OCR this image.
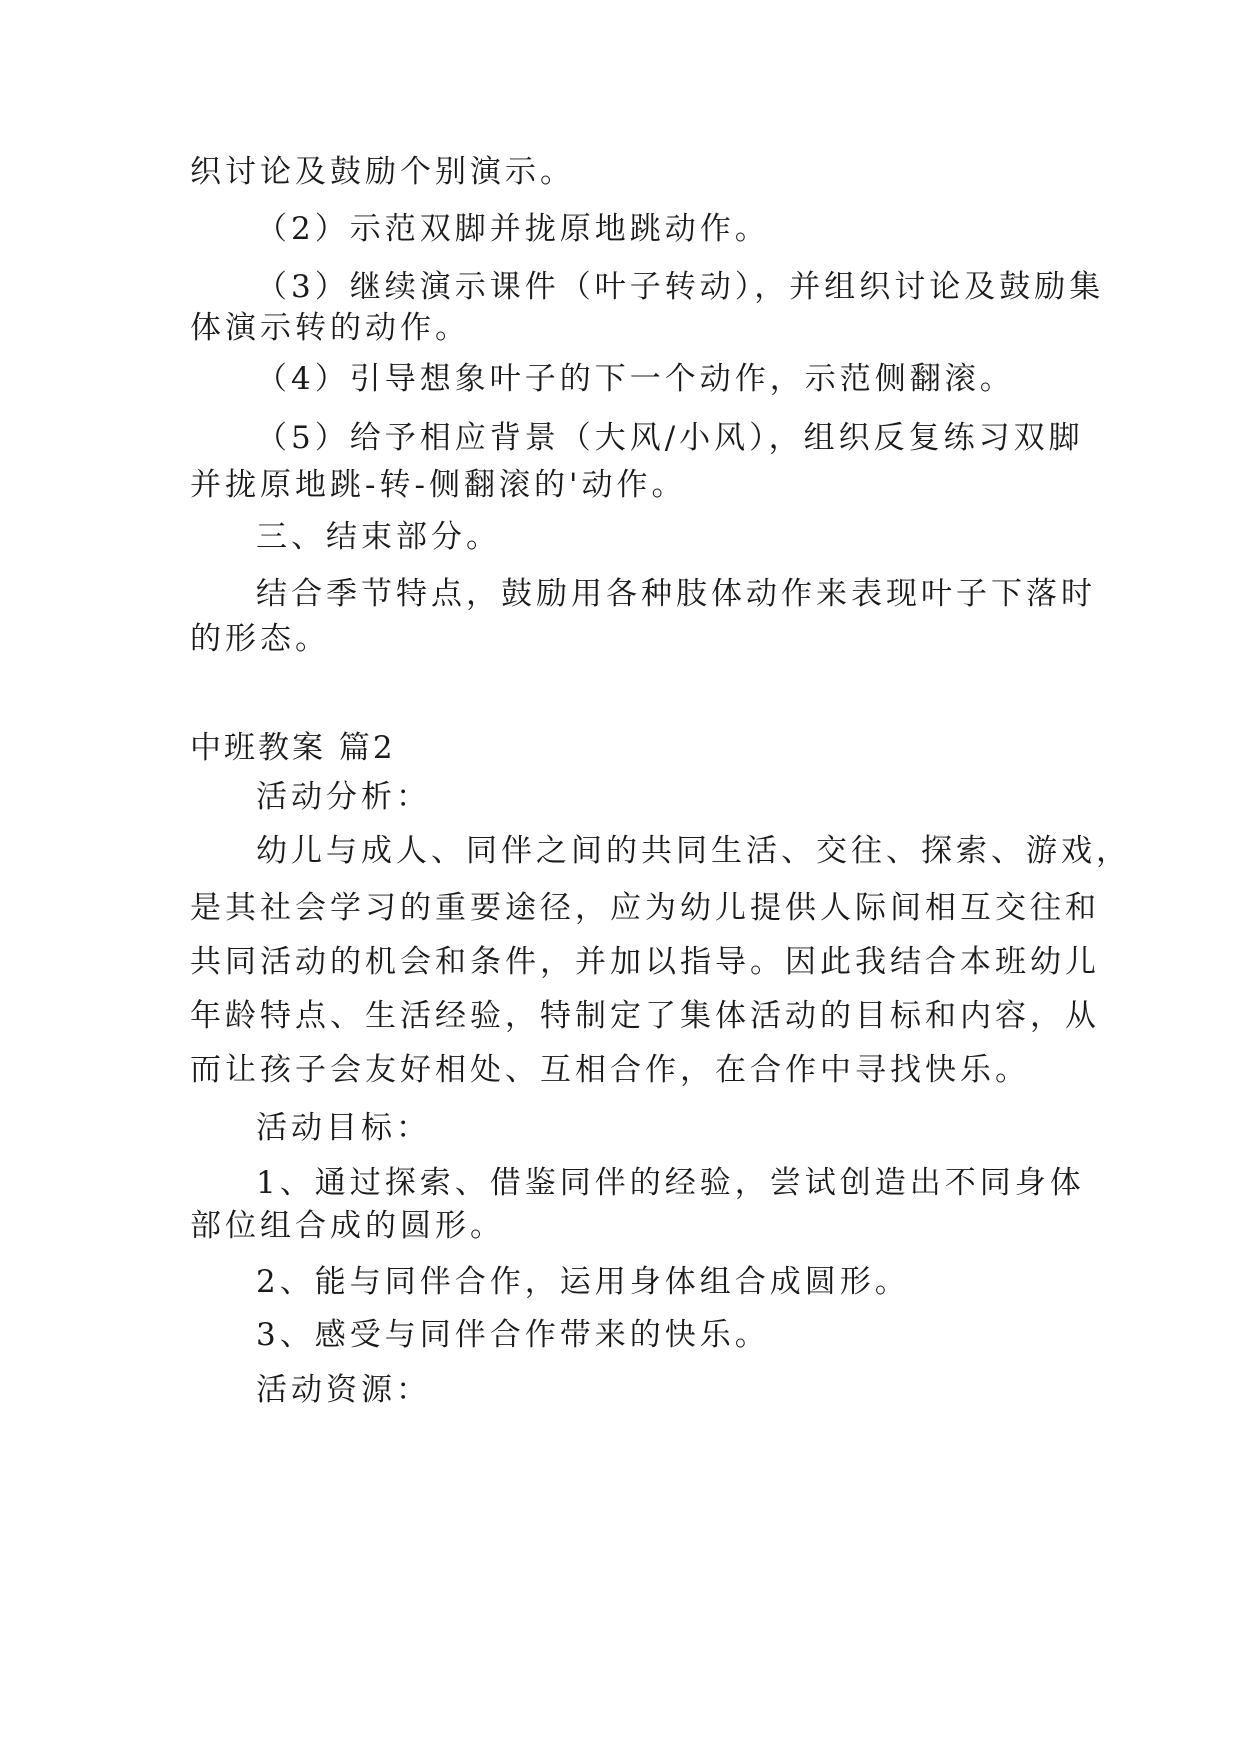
织讨论及鼓励个别演示。
（2）示范双脚并拢原地跳动作。
（3）继续演示课件（叶子转动），并组织讨论及鼓励集
体演示转的动作。
（4）引导想象叶子的下一个动作，示范侧翻滚。
（5）给予相应背景（大风/小风），组织反复练习双脚
并拢原地跳-转-侧翻滚的'动作。
三、结束部分。
结合季节特点，鼓励用各种肢体动作来表现叶子下落时
的形态。
中班教案 篇2
活动分析：
幼儿与成人、同伴之间的共同生活、交往、探索、游戏，
是其社会学习的重要途径，应为幼儿提供人际间相互交往和
共同活动的机会和条件，并加以指导。因此我结合本班幼儿
年龄特点、生活经验，特制定了集体活动的目标和内容，从
而让孩子会友好相处、互相合作，在合作中寻找快乐。
活动目标：
1、通过探索、借鉴同伴的经验，尝试创造出不同身体
部位组合成的圆形。
2、能与同伴合作，运用身体组合成圆形。
3、感受与同伴合作带来的快乐。
活动资源：
